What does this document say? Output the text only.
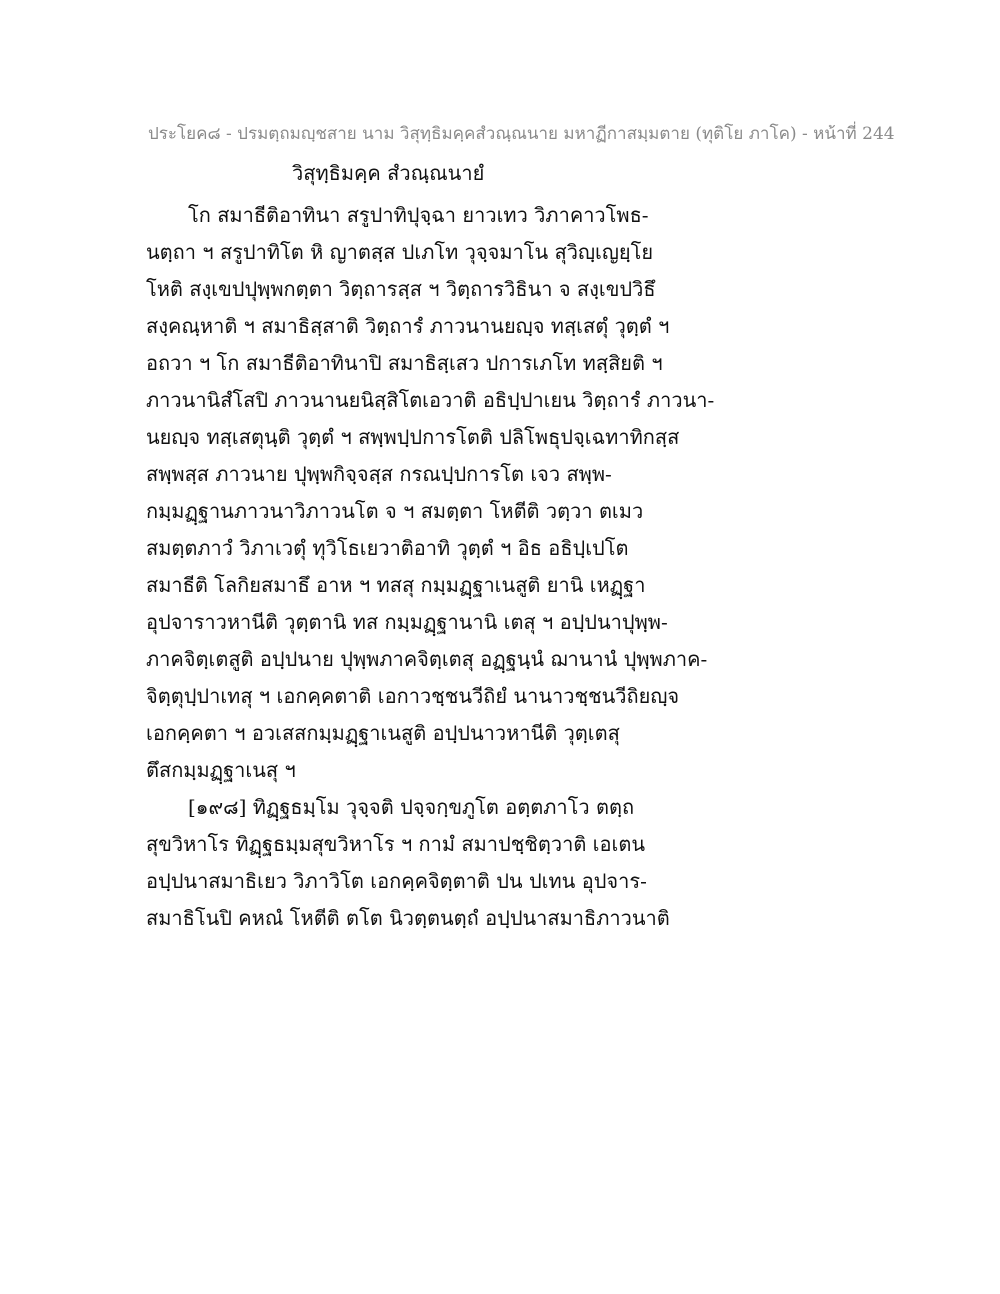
ประโยค๘ - ปรมตฺถมญฺชสาย นาม วิสุทฺธิมคฺคสํวณฺณนาย มหาฏีกาสมฺมตาย (ทุติโย ภาโค) - หน้าที่ 244
วิสุทฺธิมคฺค สํวณฺณนายํ
โก สมาธีติอาทินา สรูปาทิปุจฺฉา ยาวเทว วิภาคาวโพธ-
นตฺถา ฯ สรูปาทิโต หิ ญาตสฺส ปเภโท วุจฺจมาโน สุวิญฺเญยฺโย
โหติ สงฺเขปปุพฺพกตฺตา วิตฺถารสฺส ฯ วิตฺถารวิธินา จ สงฺเขปวิธึ
สงฺคณฺหาติ ฯ สมาธิสฺสาติ วิตฺถารํ ภาวนานยญฺจ ทสฺเสตุํ วุตฺตํ ฯ
อถวา ฯ โก สมาธีติอาทินาปิ สมาธิสฺเสว ปการเภโท ทสฺสิยติ ฯ
ภาวนานิสํโสปิ ภาวนานยนิสฺสิโตเอวาติ อธิปฺปาเยน วิตฺถารํ ภาวนา-
นยญฺจ ทสฺเสตุนฺติ วุตฺตํ ฯ สพฺพปฺปการโตติ ปลิโพธุปจฺเฉทาทิกสฺส
สพฺพสฺส ภาวนาย ปุพฺพกิจฺจสฺส กรณปฺปการโต เจว สพฺพ-
กมฺมฏฺฐานภาวนาวิภาวนโต จ ฯ สมตฺตา โหตีติ วตฺวา ตเมว
สมตฺตภาวํ วิภาเวตุํ ทุวิโธเยวาติอาทิ วุตฺตํ ฯ อิธ อธิปฺเปโต
สมาธีติ โลกิยสมาธึ อาห ฯ ทสสุ กมฺมฏฺฐาเนสูติ ยานิ เหฏฺฐา
อุปจาราวหานีติ วุตฺตานิ ทส กมฺมฏฺฐานานิ เตสุ ฯ อปฺปนาปุพฺพ-
ภาคจิตฺเตสูติ อปฺปนาย ปุพฺพภาคจิตฺเตสุ อฏฺฐนฺนํ ฌานานํ ปุพฺพภาค-
จิตฺตุปฺปาเทสุ ฯ เอกคฺคตาติ เอกาวชฺชนวีถิยํ นานาวชฺชนวีถิยญฺจ
เอกคฺคตา ฯ อวเสสกมฺมฏฺฐาเนสูติ อปฺปนาวหานีติ วุตฺเตสุ
ตึสกมฺมฏฺฐาเนสุ ฯ
[๑๙๘] ทิฏฺฐธมฺโม วุจฺจติ ปจฺจกฺขภูโต อตฺตภาโว ตตฺถ
สุขวิหาโร ทิฏฺฐธมฺมสุขวิหาโร ฯ กามํ สมาปชฺชิตฺวาติ เอเตน
อปฺปนาสมาธิเยว วิภาวิโต เอกคฺคจิตฺตาติ ปน ปเทน อุปจาร-
สมาธิโนปิ คหณํ โหตีติ ตโต นิวตฺตนตฺถํ อปฺปนาสมาธิภาวนาติ
